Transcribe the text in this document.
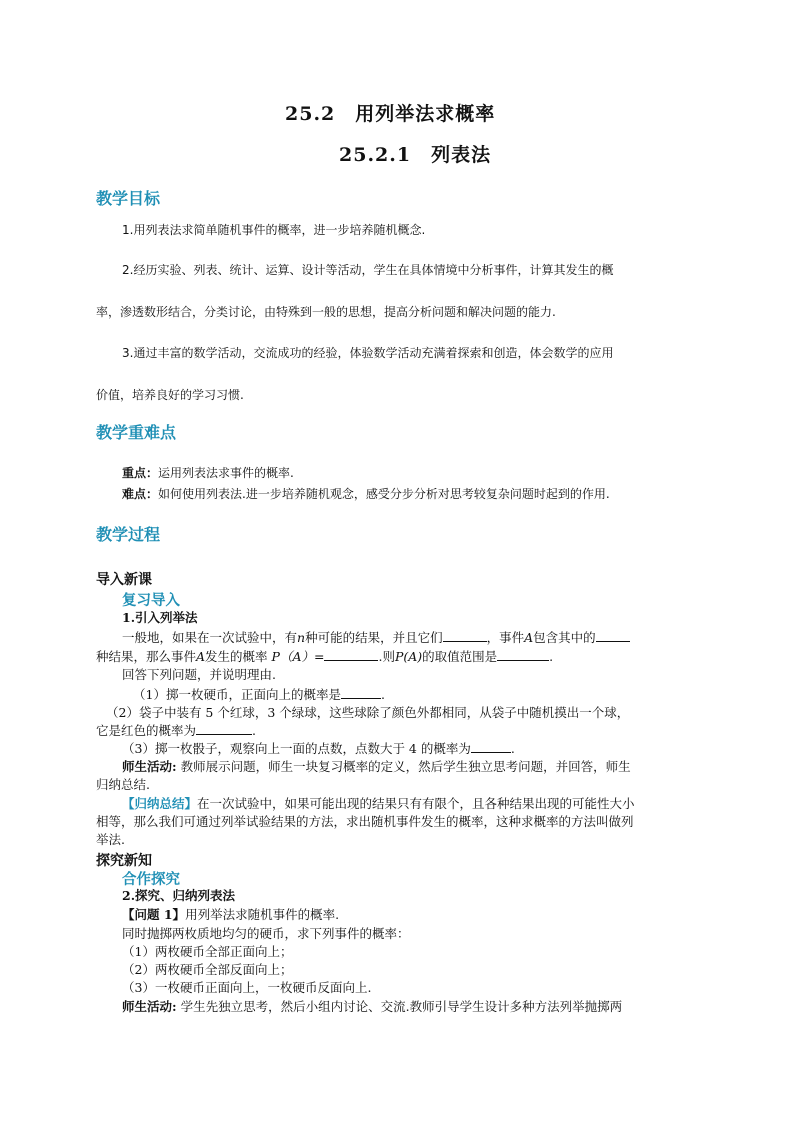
25.2　用列举法求概率
25.2.1　列表法
教学目标
1.用列表法求简单随机事件的概率，进一步培养随机概念.
2.经历实验、列表、统计、运算、设计等活动，学生在具体情境中分析事件，计算其发生的概
率，渗透数形结合，分类讨论，由特殊到一般的思想，提高分析问题和解决问题的能力.
3.通过丰富的数学活动，交流成功的经验，体验数学活动充满着探索和创造，体会数学的应用
价值，培养良好的学习习惯.
教学重难点
重点：运用列表法求事件的概率.
难点：如何使用列表法.进一步培养随机观念，感受分步分析对思考较复杂问题时起到的作用.
教学过程
导入新课
复习导入
1.引入列举法
一般地，如果在一次试验中，有n种可能的结果，并且它们	，事件A包含其中的
种结果，那么事件A发生的概率 P（A）=	.则P(A)的取值范围是	.
回答下列问题，并说明理由.
（1）掷一枚硬币，正面向上的概率是	.
（2）袋子中装有 5 个红球，3 个绿球，这些球除了颜色外都相同，从袋子中随机摸出一个球，
它是红色的概率为	.
（3）掷一枚骰子，观察向上一面的点数，点数大于 4 的概率为	.
师生活动: 教师展示问题，师生一块复习概率的定义，然后学生独立思考问题，并回答，师生
归纳总结.
【归纳总结】在一次试验中，如果可能出现的结果只有有限个，且各种结果出现的可能性大小
相等，那么我们可通过列举试验结果的方法，求出随机事件发生的概率，这种求概率的方法叫做列
举法.
探究新知
合作探究
2.探究、归纳列表法
【问题 1】用列举法求随机事件的概率.
同时抛掷两枚质地均匀的硬币，求下列事件的概率：
（1）两枚硬币全部正面向上；
（2）两枚硬币全部反面向上；
（3）一枚硬币正面向上，一枚硬币反面向上.
师生活动: 学生先独立思考，然后小组内讨论、交流.教师引导学生设计多种方法列举抛掷两
